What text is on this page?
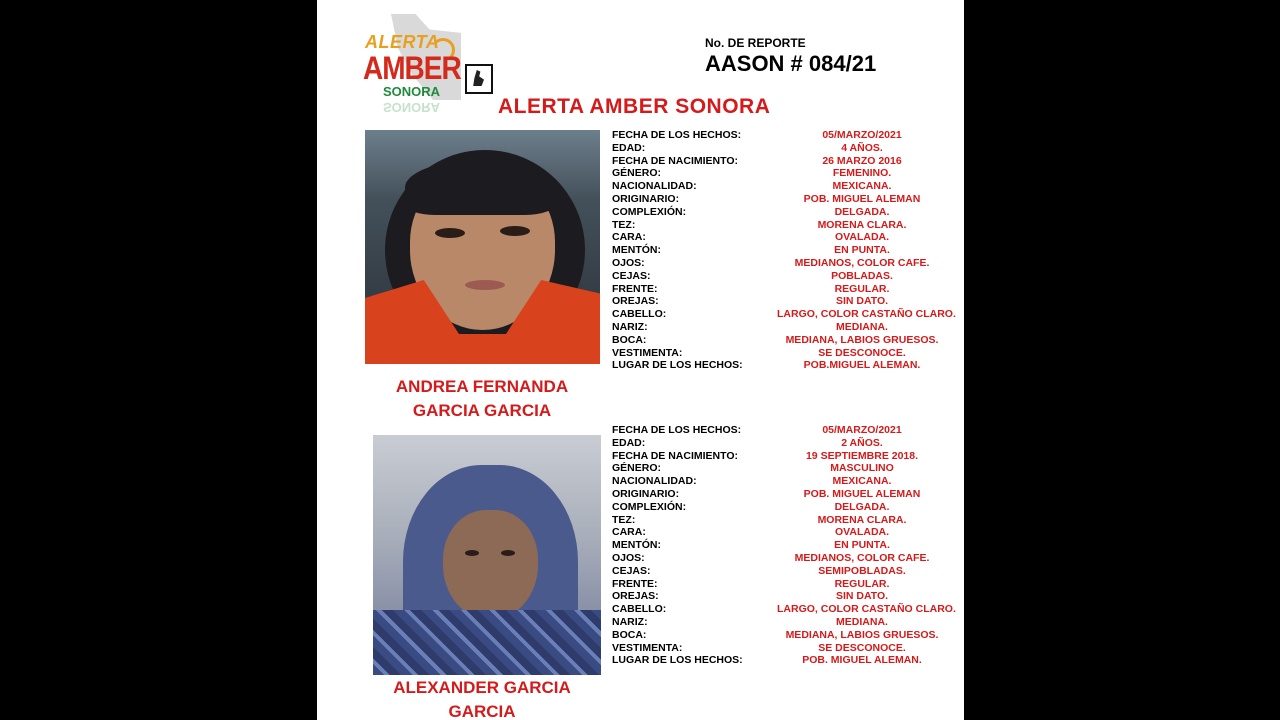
ALERTA
AMBER
SONORA
SONORA
No. DE REPORTE
AASON # 084/21
ALERTA AMBER SONORA
ANDREA FERNANDA
GARCIA GARCIA
FECHA DE LOS HECHOS:	05/MARZO/2021
EDAD:	4 AÑOS.
FECHA DE NACIMIENTO:	26 MARZO 2016
GÉNERO:	FEMENINO.
NACIONALIDAD:	MEXICANA.
ORIGINARIO:	POB. MIGUEL ALEMAN
COMPLEXIÓN:	DELGADA.
TEZ:	MORENA CLARA.
CARA:	OVALADA.
MENTÓN:	EN PUNTA.
OJOS:	MEDIANOS, COLOR CAFE.
CEJAS:	POBLADAS.
FRENTE:	REGULAR.
OREJAS:	SIN DATO.
CABELLO:	LARGO, COLOR CASTAÑO CLARO.
NARIZ:	MEDIANA.
BOCA:	MEDIANA, LABIOS GRUESOS.
VESTIMENTA:	SE DESCONOCE.
LUGAR DE LOS HECHOS:	POB.MIGUEL ALEMAN.
ALEXANDER GARCIA
GARCIA
FECHA DE LOS HECHOS:	05/MARZO/2021
EDAD:	2 AÑOS.
FECHA DE NACIMIENTO:	19 SEPTIEMBRE 2018.
GÉNERO:	MASCULINO
NACIONALIDAD:	MEXICANA.
ORIGINARIO:	POB. MIGUEL ALEMAN
COMPLEXIÓN:	DELGADA.
TEZ:	MORENA CLARA.
CARA:	OVALADA.
MENTÓN:	EN PUNTA.
OJOS:	MEDIANOS, COLOR CAFE.
CEJAS:	SEMIPOBLADAS.
FRENTE:	REGULAR.
OREJAS:	SIN DATO.
CABELLO:	LARGO, COLOR CASTAÑO CLARO.
NARIZ:	MEDIANA.
BOCA:	MEDIANA, LABIOS GRUESOS.
VESTIMENTA:	SE DESCONOCE.
LUGAR DE LOS HECHOS:	POB. MIGUEL ALEMAN.
